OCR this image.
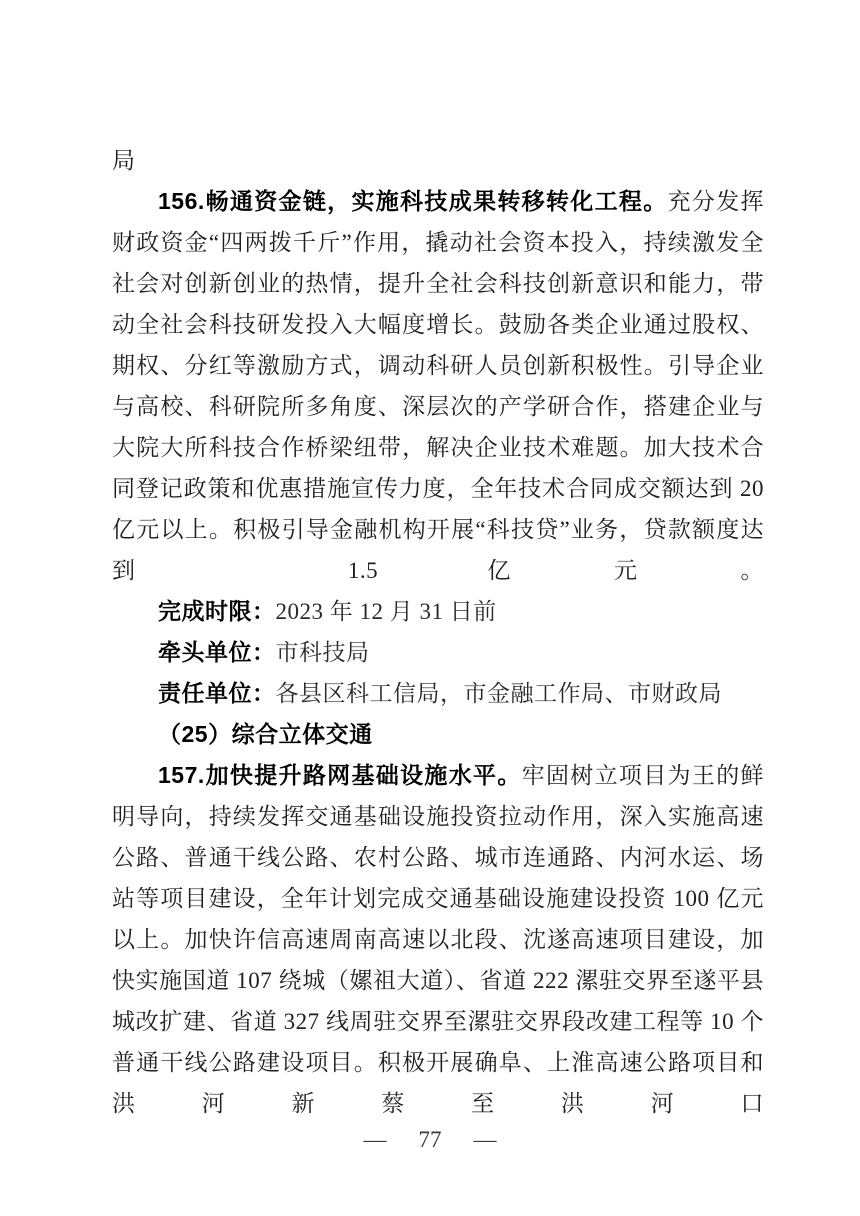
局
156.畅通资金链，实施科技成果转移转化工程。充分发挥财政资金“四两拨千斤”作用，撬动社会资本投入，持续激发全社会对创新创业的热情，提升全社会科技创新意识和能力，带动全社会科技研发投入大幅度增长。鼓励各类企业通过股权、期权、分红等激励方式，调动科研人员创新积极性。引导企业与高校、科研院所多角度、深层次的产学研合作，搭建企业与大院大所科技合作桥梁纽带，解决企业技术难题。加大技术合同登记政策和优惠措施宣传力度，全年技术合同成交额达到 20 亿元以上。积极引导金融机构开展“科技贷”业务，贷款额度达到 1.5 亿元。
完成时限：2023 年 12 月 31 日前
牵头单位：市科技局
责任单位：各县区科工信局，市金融工作局、市财政局
（25）综合立体交通
157.加快提升路网基础设施水平。牢固树立项目为王的鲜明导向，持续发挥交通基础设施投资拉动作用，深入实施高速公路、普通干线公路、农村公路、城市连通路、内河水运、场站等项目建设，全年计划完成交通基础设施建设投资 100 亿元以上。加快许信高速周南高速以北段、沈遂高速项目建设，加快实施国道 107 绕城（嫘祖大道）、省道 222 漯驻交界至遂平县城改扩建、省道 327 线周驻交界至漯驻交界段改建工程等 10 个普通干线公路建设项目。积极开展确阜、上淮高速公路项目和洪河新蔡至洪河口
— 77 —
